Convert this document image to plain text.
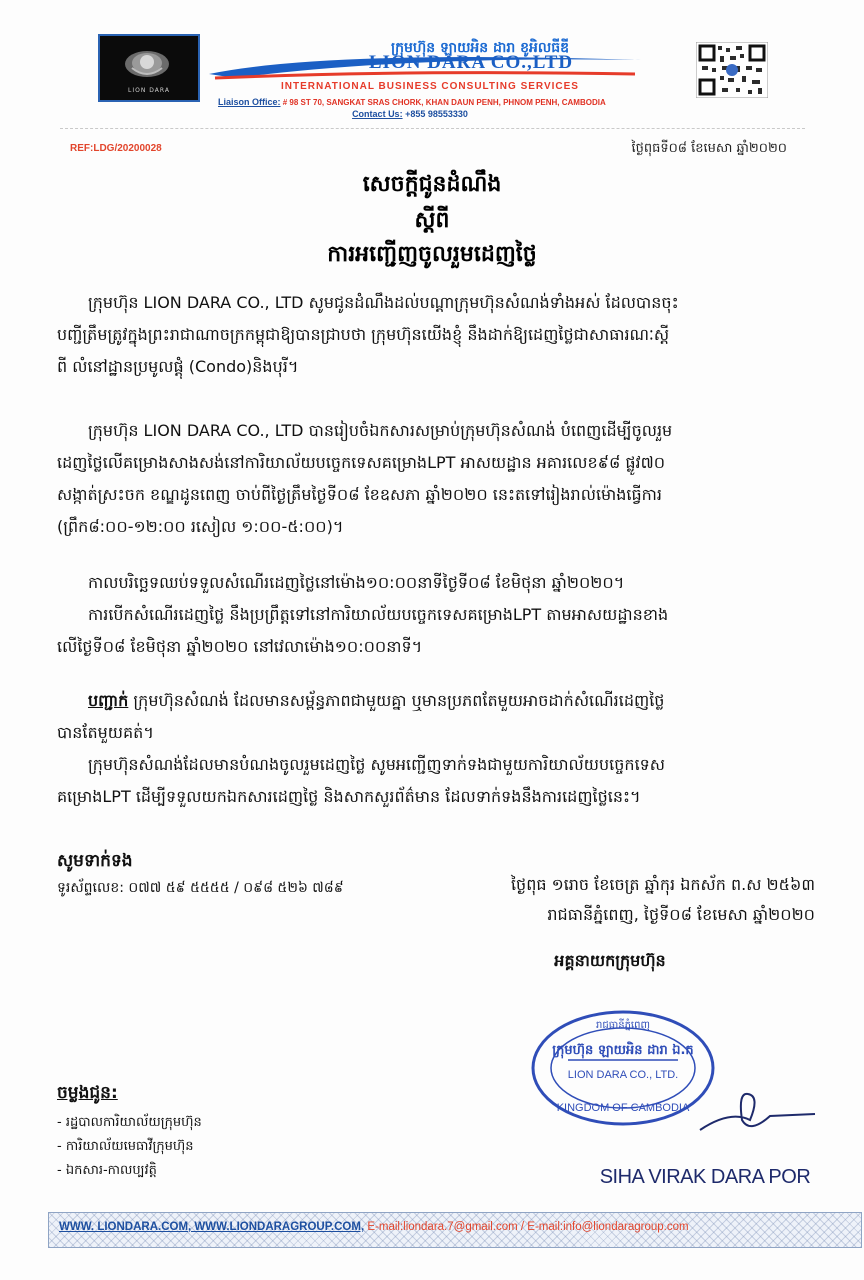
LION DARA
ក្រុមហ៊ុន ឡាយអិន ដារា ខូអិលធីឌី
LION DARA CO.,LTD
INTERNATIONAL BUSINESS CONSULTING SERVICES
Liaison Office: # 98 ST 70, SANGKAT SRAS CHORK, KHAN DAUN PENH, PHNOM PENH, CAMBODIA
Contact Us: +855 98553330
REF:LDG/20200028	ថ្ងៃពុធទី០៨ ខែមេសា ឆ្នាំ២០២០
សេចក្តីជូនដំណឹង
ស្តីពី
ការអញ្ជើញចូលរួមដេញថ្លៃ
ក្រុមហ៊ុន LION DARA CO., LTD សូមជូនដំណឹងដល់បណ្តាក្រុមហ៊ុនសំណង់ទាំងអស់ ដែលបានចុះ
បញ្ជីត្រឹមត្រូវក្នុងព្រះរាជាណាចក្រកម្ពុជាឱ្យបានជ្រាបថា ក្រុមហ៊ុនយើងខ្ញុំ នឹងដាក់ឱ្យដេញថ្លៃជាសាធារណៈស្តី
ពី លំនៅដ្ឋានប្រមូលផ្តុំ (Condo)និងបុរី។
ក្រុមហ៊ុន LION DARA CO., LTD បានរៀបចំឯកសារសម្រាប់ក្រុមហ៊ុនសំណង់ បំពេញដើម្បីចូលរួម
ដេញថ្លៃលើគម្រោងសាងសង់នៅការិយាល័យបច្ចេកទេសគម្រោងLPT អាសយដ្ឋាន អគារលេខ៩៨ ផ្លូវ៧០
សង្កាត់ស្រះចក ខណ្ឌដូនពេញ ចាប់ពីថ្ងៃត្រឹមថ្ងៃទី០៨ ខែឧសភា ឆ្នាំ២០២០ នេះតទៅរៀងរាល់ម៉ោងធ្វើការ
(ព្រឹក៨:០០-១២:០០ រសៀល ១:០០-៥:០០)។
កាលបរិច្ឆេទឈប់ទទួលសំណើរដេញថ្លៃនៅម៉ោង១០:០០នាទីថ្ងៃទី០៨ ខែមិថុនា ឆ្នាំ២០២០។
ការបើកសំណើរដេញថ្លៃ នឹងប្រព្រឹត្តទៅនៅការិយាល័យបច្ចេកទេសគម្រោងLPT តាមអាសយដ្ឋានខាង
លើថ្ងៃទី០៨ ខែមិថុនា ឆ្នាំ២០២០ នៅវេលាម៉ោង១០:០០នាទី។
បញ្ជាក់ ក្រុមហ៊ុនសំណង់ ដែលមានសម្ព័ន្ធភាពជាមួយគ្នា ឬមានប្រភពតែមួយអាចដាក់សំណើរដេញថ្លៃ
បានតែមួយគត់។
ក្រុមហ៊ុនសំណង់ដែលមានបំណងចូលរួមដេញថ្លៃ សូមអញ្ជើញទាក់ទងជាមួយការិយាល័យបច្ចេកទេស
គម្រោងLPT ដើម្បីទទួលយកឯកសារដេញថ្លៃ និងសាកសួរព័ត៌មាន ដែលទាក់ទងនឹងការដេញថ្លៃនេះ។
សូមទាក់ទង
ទូរស័ព្ទលេខ: ០៧៧ ៥៩ ៥៥៥៥ / ០៩៨ ៥២៦ ៧៨៩	ថ្ងៃពុធ ១រោច ខែចេត្រ ឆ្នាំកុរ ឯកស័ក ព.ស ២៥៦៣
រាជធានីភ្នំពេញ, ថ្ងៃទី០៨ ខែមេសា ឆ្នាំ២០២០
អគ្គនាយកក្រុមហ៊ុន
រាជធានីភ្នំពេញ
ក្រុមហ៊ុន ឡាយអិន ដារា ឯ.ក
LION DARA CO., LTD.
KINGDOM OF CAMBODIA
SIHA VIRAK DARA POR
ចម្លងជូន:
- រដ្ឋបាលការិយាល័យក្រុមហ៊ុន
- ការិយាល័យមេធាវីក្រុមហ៊ុន
- ឯកសារ-កាលប្បវត្តិ
WWW. LIONDARA.COM, WWW.LIONDARAGROUP.COM, E-mail:liondara.7@gmail.com / E-mail:info@liondaragroup.com
